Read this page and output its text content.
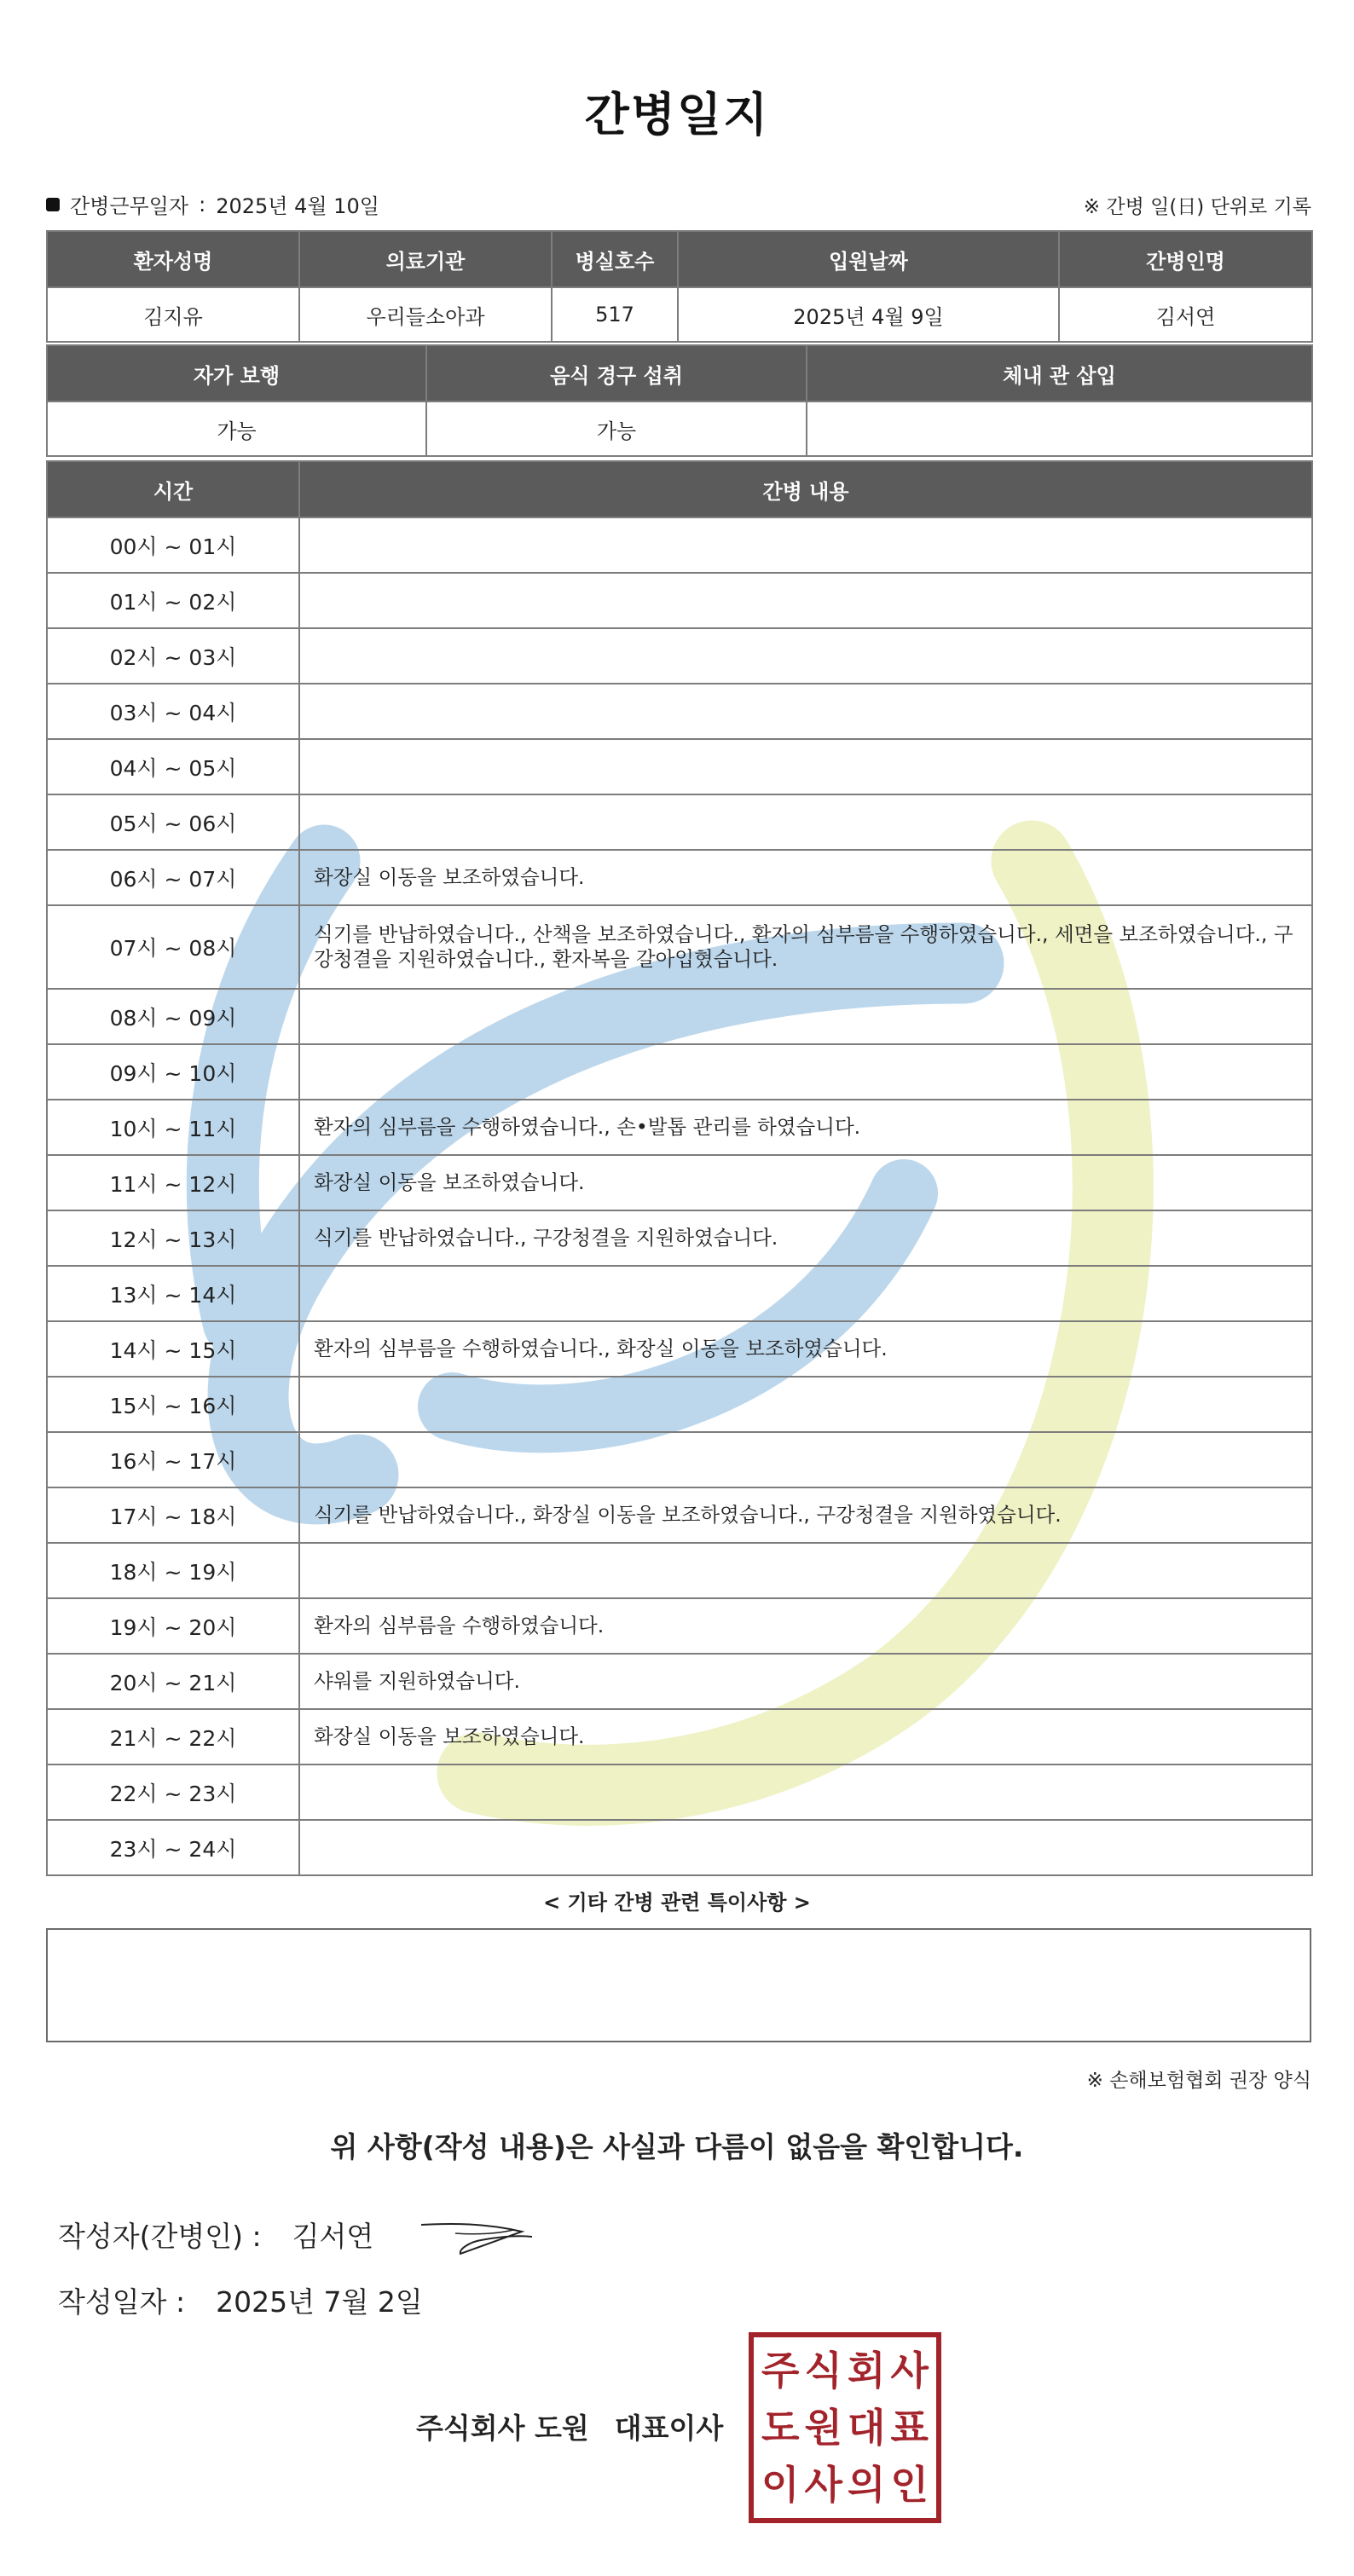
간병일지
간병근무일자 : 2025년 4월 10일	※ 간병 일(日) 단위로 기록
환자성명	의료기관	병실호수	입원날짜	간병인명
김지유	우리들소아과	517	2025년 4월 9일	김서연
자가 보행	음식 경구 섭취	체내 관 삽입
가능	가능	
시간	간병 내용
00시 ~ 01시	
01시 ~ 02시	
02시 ~ 03시	
03시 ~ 04시	
04시 ~ 05시	
05시 ~ 06시	
06시 ~ 07시	화장실 이동을 보조하였습니다.
07시 ~ 08시	식기를 반납하였습니다., 산책을 보조하였습니다., 환자의 심부름을 수행하였습니다., 세면을 보조하였습니다., 구강청결을 지원하였습니다., 환자복을 갈아입혔습니다.
08시 ~ 09시	
09시 ~ 10시	
10시 ~ 11시	환자의 심부름을 수행하였습니다., 손•발톱 관리를 하였습니다.
11시 ~ 12시	화장실 이동을 보조하였습니다.
12시 ~ 13시	식기를 반납하였습니다., 구강청결을 지원하였습니다.
13시 ~ 14시	
14시 ~ 15시	환자의 심부름을 수행하였습니다., 화장실 이동을 보조하였습니다.
15시 ~ 16시	
16시 ~ 17시	
17시 ~ 18시	식기를 반납하였습니다., 화장실 이동을 보조하였습니다., 구강청결을 지원하였습니다.
18시 ~ 19시	
19시 ~ 20시	환자의 심부름을 수행하였습니다.
20시 ~ 21시	샤워를 지원하였습니다.
21시 ~ 22시	화장실 이동을 보조하였습니다.
22시 ~ 23시	
23시 ~ 24시	
< 기타 간병 관련 특이사항 >
※ 손해보험협회 권장 양식
위 사항(작성 내용)은 사실과 다름이 없음을 확인합니다.
작성자(간병인) : 김서연
작성일자 : 2025년 7월 2일
주식회사 도원 대표이사
주 식 회 사
도 원 대 표
이 사 의 인
